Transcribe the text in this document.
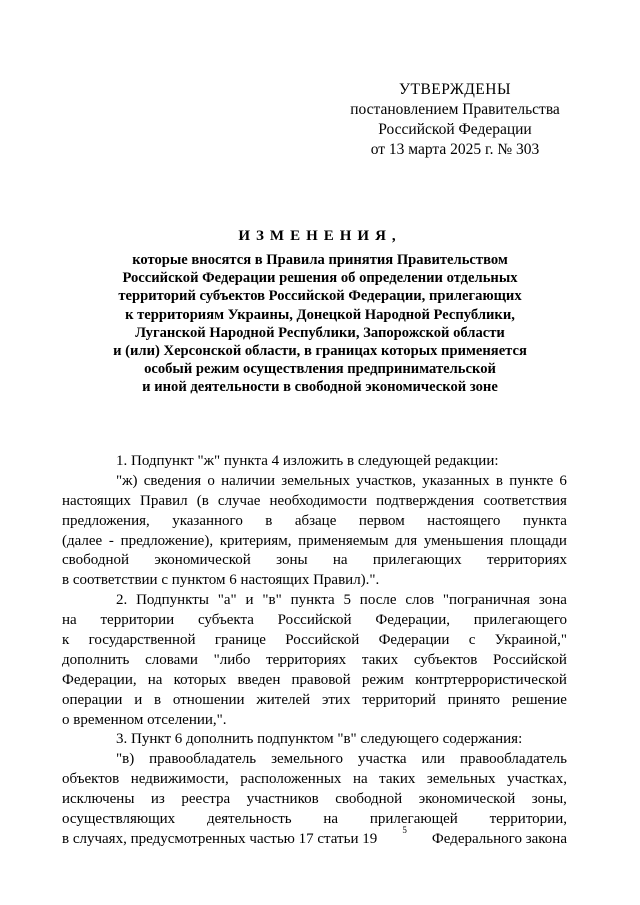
УТВЕРЖДЕНЫ
постановлением Правительства
Российской Федерации
от 13 марта 2025 г. № 303
ИЗМЕНЕНИЯ,
которые вносятся в Правила принятия Правительством
Российской Федерации решения об определении отдельных
территорий субъектов Российской Федерации, прилегающих
к территориям Украины, Донецкой Народной Республики,
Луганской Народной Республики, Запорожской области
и (или) Херсонской области, в границах которых применяется
особый режим осуществления предпринимательской
и иной деятельности в свободной экономической зоне
1. Подпункт "ж" пункта 4 изложить в следующей редакции:
"ж) сведения о наличии земельных участков, указанных в пункте 6
настоящих Правил (в случае необходимости подтверждения соответствия
предложения, указанного в абзаце первом настоящего пункта
(далее - предложение), критериям, применяемым для уменьшения площади
свободной экономической зоны на прилегающих территориях
в соответствии с пунктом 6 настоящих Правил).".
2. Подпункты "а" и "в" пункта 5 после слов "пограничная зона
на территории субъекта Российской Федерации, прилегающего
к государственной границе Российской Федерации с Украиной,"
дополнить словами "либо территориях таких субъектов Российской
Федерации, на которых введен правовой режим контртеррористической
операции и в отношении жителей этих территорий принято решение
о временном отселении,".
3. Пункт 6 дополнить подпунктом "в" следующего содержания:
"в) правообладатель земельного участка или правообладатель
объектов недвижимости, расположенных на таких земельных участках,
исключены из реестра участников свободной экономической зоны,
осуществляющих деятельность на прилегающей территории,
в случаях, предусмотренных частью 17 статьи 19
5
Федерального закона
